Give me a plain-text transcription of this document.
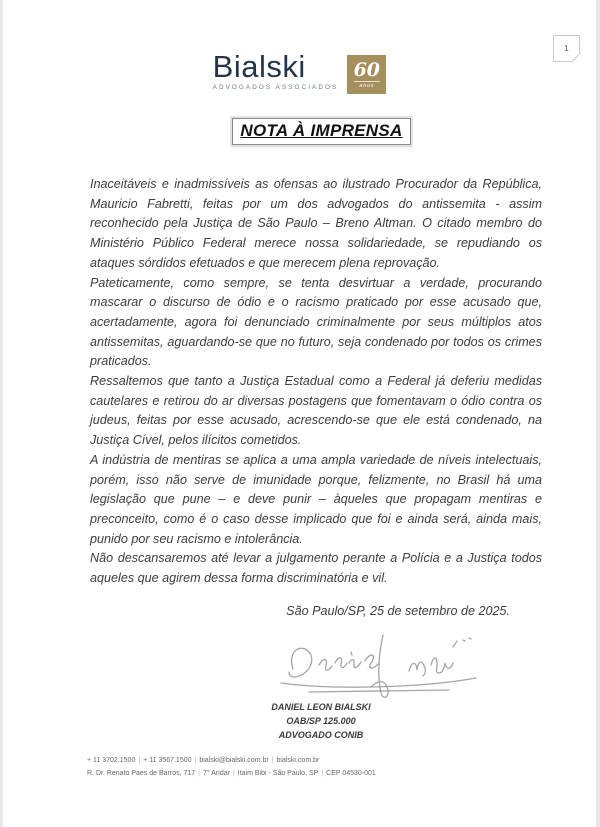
1
Bialski
ADVOGADOS ASSOCIADOS
60
anos
NOTA À IMPRENSA

Inaceitáveis e inadmissíveis as ofensas ao ilustrado Procurador da República, Mauricio Fabretti, feitas por um dos advogados do antissemita - assim reconhecido pela Justiça de São Paulo – Breno Altman. O citado membro do Ministério Público Federal merece nossa solidariedade, se repudiando os ataques sórdidos efetuados e que merecem plena reprovação.

Pateticamente, como sempre, se tenta desvirtuar a verdade, procurando mascarar o discurso de ódio e o racismo praticado por esse acusado que, acertadamente, agora foi denunciado criminalmente por seus múltiplos atos antissemitas, aguardando-se que no futuro, seja condenado por todos os crimes praticados.

Ressaltemos que tanto a Justiça Estadual como a Federal já deferiu medidas cautelares e retirou do ar diversas postagens que fomentavam o ódio contra os judeus, feitas por esse acusado, acrescendo-se que ele está condenado, na Justiça Cível, pelos ilícitos cometidos.

A indústria de mentiras se aplica a uma ampla variedade de níveis intelectuais, porém, isso não serve de imunidade porque, felizmente, no Brasil há uma legislação que pune – e deve punir – àqueles que propagam mentiras e preconceito, como é o caso desse implicado que foi e ainda será, ainda mais, punido por seu racismo e intolerância.

Não descansaremos até levar a julgamento perante a Polícia e a Justiça todos aqueles que agirem dessa forma discriminatória e vil.

São Paulo/SP, 25 de setembro de 2025.
DANIEL LEON BIALSKI
OAB/SP 125.000
ADVOGADO CONIB
+ 11 3702.1500 | + 11 3567.1500 | bialski@bialski.com.br | bialski.com.br
R. Dr. Renato Paes de Barros, 717 | 7° Andar | Itaim Bibi - São Paulo, SP | CEP 04530-001
